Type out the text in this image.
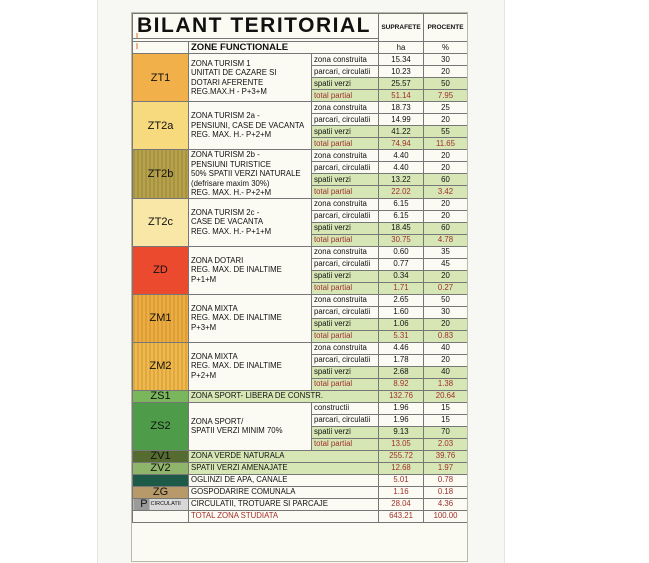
BILANT TERITORIAL			SUPRAFETE	PROCENTE

	ZONE FUNCTIONALE		ha	%
ZT1	ZONA TURISM 1
UNITATI DE CAZARE SI
DOTARI AFERENTE
REG.MAX.H - P+3+M	zona construita	15.34	30
		parcari, circulatii	10.23	20
		spatii verzi	25.57	50
		total partial	51.14	7.95
ZT2a	ZONA TURISM 2a -
PENSIUNI, CASE DE VACANTA
REG. MAX. H.- P+2+M	zona construita	18.73	25
		parcari, circulatii	14.99	20
		spatii verzi	41.22	55
		total partial	74.94	11.65
ZT2b	ZONA TURISM 2b -
PENSIUNI TURISTICE
50% SPATII VERZI NATURALE
(defrisare maxim 30%)
REG. MAX. H.- P+2+M	zona construita	4.40	20
		parcari, circulatii	4.40	20
		spatii verzi	13.22	60
		total partial	22.02	3.42
ZT2c	ZONA TURISM 2c -
CASE DE VACANTA
REG. MAX. H.- P+1+M	zona construita	6.15	20
		parcari, circulatii	6.15	20
		spatii verzi	18.45	60
		total partial	30.75	4.78
ZD	ZONA DOTARI
REG. MAX. DE INALTIME P+1+M	zona construita	0.60	35
		parcari, circulatii	0.77	45
		spatii verzi	0.34	20
		total partial	1.71	0.27
ZM1	ZONA MIXTA
REG. MAX. DE INALTIME P+3+M	zona construita	2.65	50
		parcari, circulatii	1.60	30
		spatii verzi	1.06	20
		total partial	5.31	0.83
ZM2	ZONA MIXTA
REG. MAX. DE INALTIME P+2+M	zona construita	4.46	40
		parcari, circulatii	1.78	20
		spatii verzi	2.68	40
		total partial	8.92	1.38
ZS1	ZONA SPORT- LIBERA DE CONSTR.		132.76	20.64
ZS2	ZONA SPORT/
SPATII VERZI MINIM 70%	constructii	1.96	15
		parcari, circulatii	1.96	15
		spatii verzi	9.13	70
		total partial	13.05	2.03
ZV1	ZONA VERDE NATURALA		255.72	39.76
ZV2	SPATII VERZI AMENAJATE		12.68	1.97
	OGLINZI DE APA, CANALE		5.01	0.78
ZG	GOSPODARIRE COMUNALA		1.16	0.18
P CIRCULATII	CIRCULATII, TROTUARE SI PARCAJE		28.04	4.36
	TOTAL ZONA STUDIATA		643.21	100.00
